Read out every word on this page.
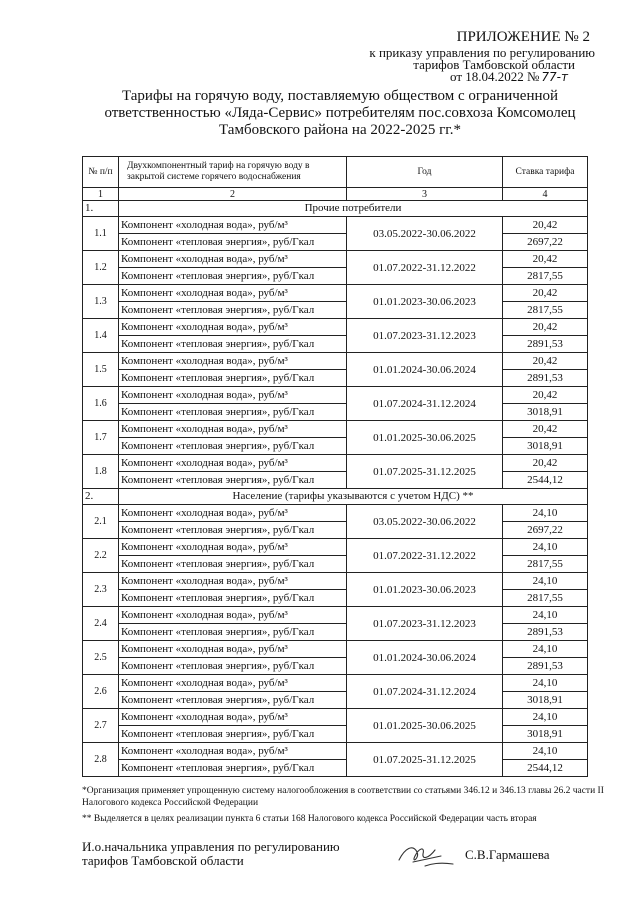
ПРИЛОЖЕНИЕ № 2
к приказу управления по регулированию
тарифов Тамбовской области
от 18.04.2022 № 77-т
Тарифы на горячую воду, поставляемую обществом с ограниченной
ответственностью «Ляда-Сервис» потребителям пос.совхоза Комсомолец
Тамбовского района на 2022-2025 гг.*
№ п/п	Двухкомпонентный тариф на горячую воду в закрытой системе горячего водоснабжения	Год	Ставка тарифа
1	2	3	4
1.	Прочие потребители		
1.1	Компонент «холодная вода», руб/м³	03.05.2022-30.06.2022	20,42
	Компонент «тепловая энергия», руб/Гкал		2697,22
1.2	Компонент «холодная вода», руб/м³	01.07.2022-31.12.2022	20,42
	Компонент «тепловая энергия», руб/Гкал		2817,55
1.3	Компонент «холодная вода», руб/м³	01.01.2023-30.06.2023	20,42
	Компонент «тепловая энергия», руб/Гкал		2817,55
1.4	Компонент «холодная вода», руб/м³	01.07.2023-31.12.2023	20,42
	Компонент «тепловая энергия», руб/Гкал		2891,53
1.5	Компонент «холодная вода», руб/м³	01.01.2024-30.06.2024	20,42
	Компонент «тепловая энергия», руб/Гкал		2891,53
1.6	Компонент «холодная вода», руб/м³	01.07.2024-31.12.2024	20,42
	Компонент «тепловая энергия», руб/Гкал		3018,91
1.7	Компонент «холодная вода», руб/м³	01.01.2025-30.06.2025	20,42
	Компонент «тепловая энергия», руб/Гкал		3018,91
1.8	Компонент «холодная вода», руб/м³	01.07.2025-31.12.2025	20,42
	Компонент «тепловая энергия», руб/Гкал		2544,12
2.	Население (тарифы указываются с учетом НДС) **		
2.1	Компонент «холодная вода», руб/м³	03.05.2022-30.06.2022	24,10
	Компонент «тепловая энергия», руб/Гкал		2697,22
2.2	Компонент «холодная вода», руб/м³	01.07.2022-31.12.2022	24,10
	Компонент «тепловая энергия», руб/Гкал		2817,55
2.3	Компонент «холодная вода», руб/м³	01.01.2023-30.06.2023	24,10
	Компонент «тепловая энергия», руб/Гкал		2817,55
2.4	Компонент «холодная вода», руб/м³	01.07.2023-31.12.2023	24,10
	Компонент «тепловая энергия», руб/Гкал		2891,53
2.5	Компонент «холодная вода», руб/м³	01.01.2024-30.06.2024	24,10
	Компонент «тепловая энергия», руб/Гкал		2891,53
2.6	Компонент «холодная вода», руб/м³	01.07.2024-31.12.2024	24,10
	Компонент «тепловая энергия», руб/Гкал		3018,91
2.7	Компонент «холодная вода», руб/м³	01.01.2025-30.06.2025	24,10
	Компонент «тепловая энергия», руб/Гкал		3018,91
2.8	Компонент «холодная вода», руб/м³	01.07.2025-31.12.2025	24,10
	Компонент «тепловая энергия», руб/Гкал		2544,12

*Организация применяет упрощенную систему налогообложения в соответствии со статьями 346.12 и 346.13 главы 26.2 части II Налогового кодекса Российской Федерации

** Выделяется в целях реализации пункта 6 статьи 168 Налогового кодекса Российской Федерации часть вторая

И.о.начальника управления по регулированию
тарифов Тамбовской области	С.В.Гармашева
